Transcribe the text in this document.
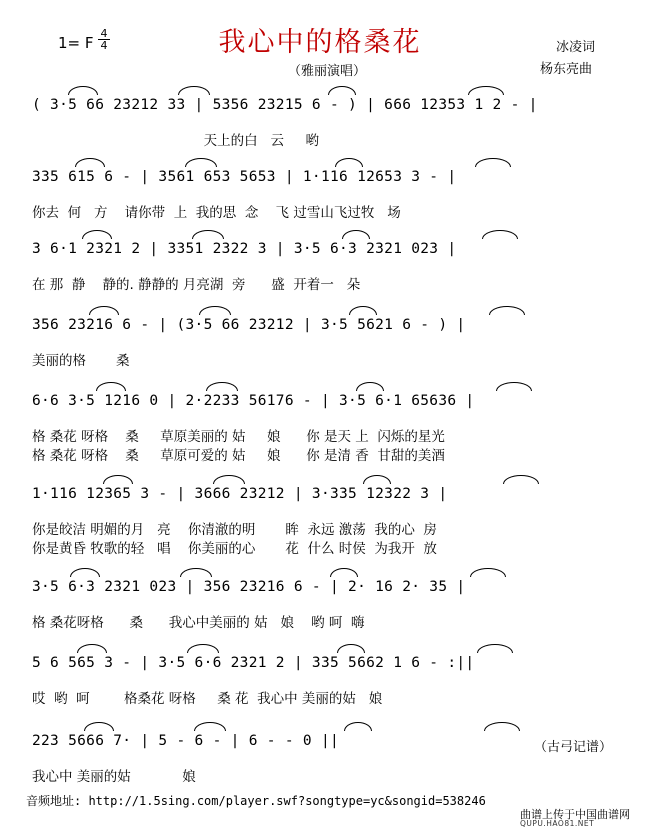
1= F $\frac{4}{4}$	我心中的格桑花
（雅丽演唱）
冰凌词
杨东亮曲
( 3·5 66 23212 33 | 5356 23215 6 - ) | 666 12353 1 2 - |
天上的白   云     哟
335 615 6 - | 3561 653 5653 | 1·116 12653 3 - |
你去  何   方    请你带  上  我的思  念    飞 过雪山飞过牧   场
3 6·1 2321 2 | 3351 2322 3 | 3·5 6·3 2321 023 |
在 那  静    静的. 静静的 月亮湖  旁      盛  开着一   朵
356 23216 6 - | (3·5 66 23212 | 3·5 5621 6 - ) |
美丽的格       桑
6·6 3·5 1216 0 | 2·2233 56176 - | 3·5 6·1 65636 |
格 桑花 呀格    桑     草原美丽的 姑     娘      你 是天 上  闪烁的星光
格 桑花 呀格    桑     草原可爱的 姑     娘      你 是清 香  甘甜的美酒
1·116 12365 3 - | 3666 23212 | 3·335 12322 3 |
你是皎洁 明媚的月   亮    你清澈的明       眸  永远 激荡  我的心  房
你是黄昏 牧歌的轻   唱    你美丽的心       花  什么 时侯  为我开  放
3·5 6·3 2321 023 | 356 23216 6 - | 2· 16 2· 35 |
格 桑花呀格      桑      我心中美丽的 姑   娘    哟 呵  嗨
5 6 565 3 - | 3·5 6·6 2321 2 | 335 5662 1 6 - :||
哎  哟  呵        格桑花 呀格     桑 花  我心中 美丽的姑   娘
223 5666 7· | 5 - 6 - | 6 - - 0 ||
我心中 美丽的姑            娘
（古弓记谱）
音频地址: http://1.5sing.com/player.swf?songtype=yc&songid=538246
曲谱上传于中国曲谱网
QUPU.HAO81.NET
